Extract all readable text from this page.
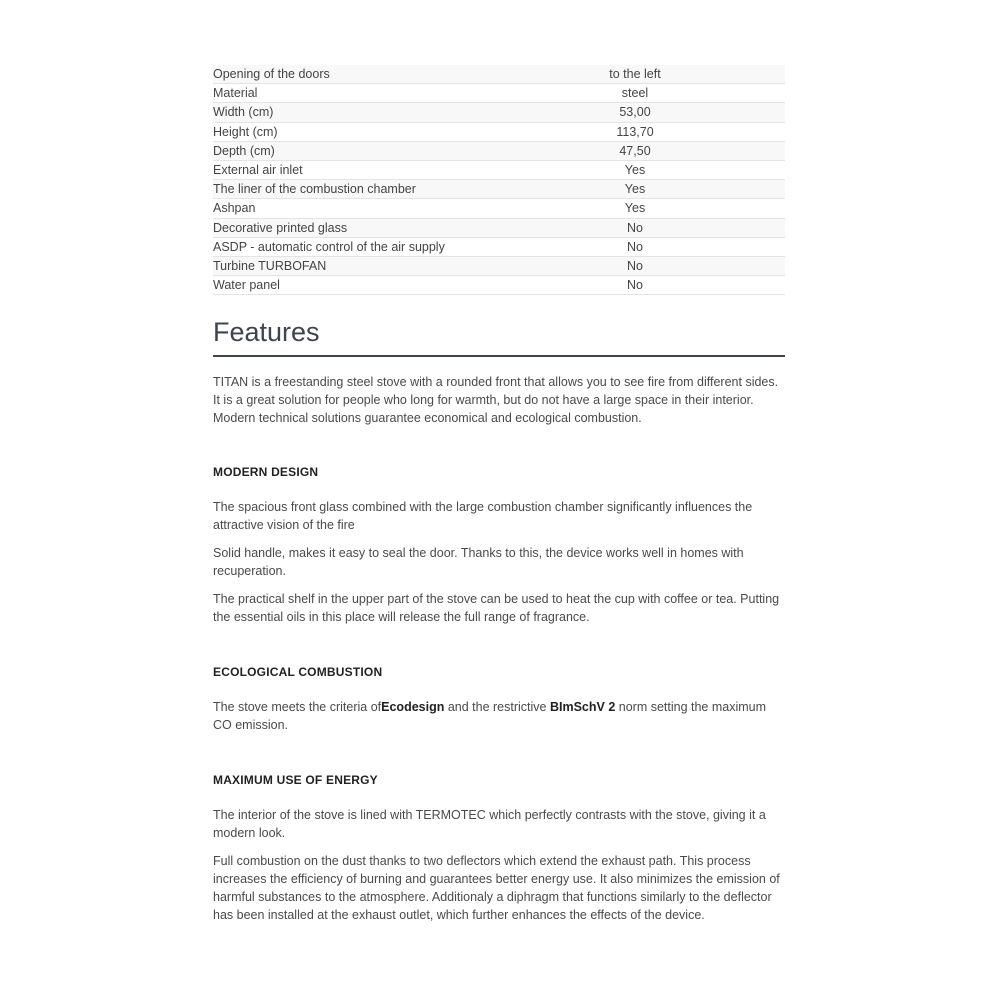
Opening of the doors	to the left
Material	steel
Width (cm)	53,00
Height (cm)	113,70
Depth (cm)	47,50
External air inlet	Yes
The liner of the combustion chamber	Yes
Ashpan	Yes
Decorative printed glass	No
ASDP - automatic control of the air supply	No
Turbine TURBOFAN	No
Water panel	No
Features

TITAN is a freestanding steel stove with a rounded front that allows you to see fire from different sides. It is a great solution for people who long for warmth, but do not have a large space in their interior. Modern technical solutions guarantee economical and ecological combustion.

MODERN DESIGN

The spacious front glass combined with the large combustion chamber significantly influences the attractive vision of the fire

Solid handle, makes it easy to seal the door. Thanks to this, the device works well in homes with recuperation.

The practical shelf in the upper part of the stove can be used to heat the cup with coffee or tea. Putting the essential oils in this place will release the full range of fragrance.

ECOLOGICAL COMBUSTION

The stove meets the criteria ofEcodesign and the restrictive BImSchV 2 norm setting the maximum CO emission.

MAXIMUM USE OF ENERGY

The interior of the stove is lined with TERMOTEC which perfectly contrasts with the stove, giving it a modern look.

Full combustion on the dust thanks to two deflectors which extend the exhaust path. This process increases the efficiency of burning and guarantees better energy use. It also minimizes the emission of harmful substances to the atmosphere. Additionaly a diphragm that functions similarly to the deflector has been installed at the exhaust outlet, which further enhances the effects of the device.
